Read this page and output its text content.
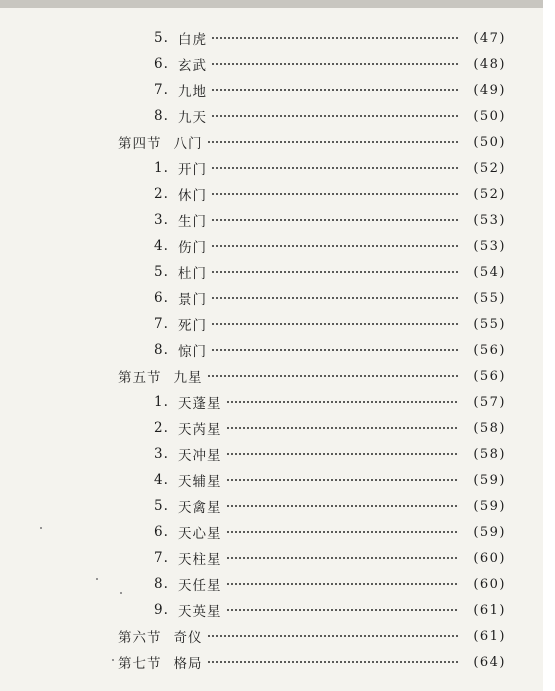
5. 白虎	(47)
6. 玄武	(48)
7. 九地	(49)
8. 九天	(50)
第四节 八门	(50)
1. 开门	(52)
2. 休门	(52)
3. 生门	(53)
4. 伤门	(53)
5. 杜门	(54)
6. 景门	(55)
7. 死门	(55)
8. 惊门	(56)
第五节 九星	(56)
1. 天蓬星	(57)
2. 天芮星	(58)
3. 天冲星	(58)
4. 天辅星	(59)
5. 天禽星	(59)
6. 天心星	(59)
7. 天柱星	(60)
8. 天任星	(60)
9. 天英星	(61)
第六节 奇仪	(61)
第七节 格局	(64)
